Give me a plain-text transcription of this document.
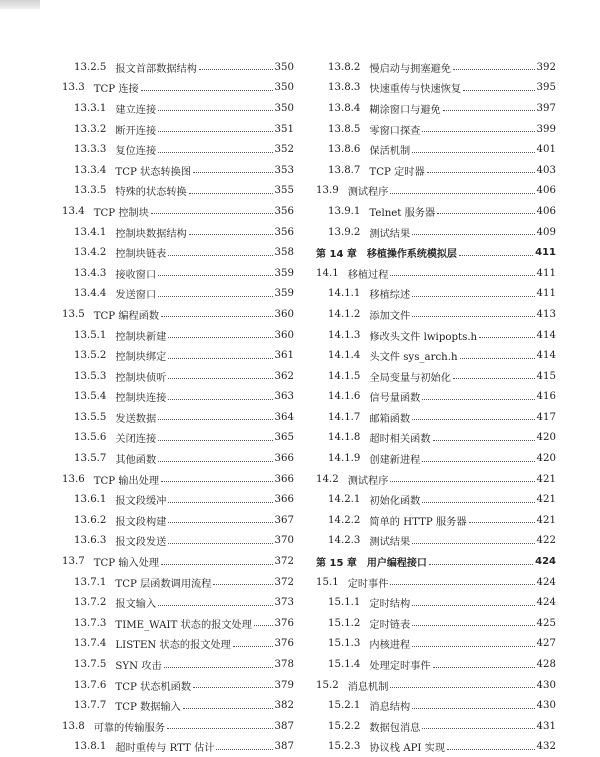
13.2.5 报文首部数据结构	350
13.3 TCP 连接	350
13.3.1 建立连接	350
13.3.2 断开连接	351
13.3.3 复位连接	352
13.3.4 TCP 状态转换图	353
13.3.5 特殊的状态转换	355
13.4 TCP 控制块	356
13.4.1 控制块数据结构	356
13.4.2 控制块链表	358
13.4.3 接收窗口	359
13.4.4 发送窗口	359
13.5 TCP 编程函数	360
13.5.1 控制块新建	360
13.5.2 控制块绑定	361
13.5.3 控制块侦听	362
13.5.4 控制块连接	363
13.5.5 发送数据	364
13.5.6 关闭连接	365
13.5.7 其他函数	366
13.6 TCP 输出处理	366
13.6.1 报文段缓冲	366
13.6.2 报文段构建	367
13.6.3 报文段发送	370
13.7 TCP 输入处理	372
13.7.1 TCP 层函数调用流程	372
13.7.2 报文输入	373
13.7.3 TIME_WAIT 状态的报文处理 376
13.7.4 LISTEN 状态的报文处理	376
13.7.5 SYN 攻击	378
13.7.6 TCP 状态机函数	379
13.7.7 TCP 数据输入	382
13.8 可靠的传输服务	387
13.8.1 超时重传与 RTT 估计	387
13.8.2 慢启动与拥塞避免	392
13.8.3 快速重传与快速恢复	395
13.8.4 糊涂窗口与避免	397
13.8.5 零窗口探查	399
13.8.6 保活机制	401
13.8.7 TCP 定时器	403
13.9 测试程序	406
13.9.1 Telnet 服务器	406
13.9.2 测试结果	409
第 14 章 移植操作系统模拟层	411
14.1 移植过程	411
14.1.1 移植综述	411
14.1.2 添加文件	413
14.1.3 修改头文件 lwipopts.h	414
14.1.4 头文件 sys_arch.h	414
14.1.5 全局变量与初始化	415
14.1.6 信号量函数	416
14.1.7 邮箱函数	417
14.1.8 超时相关函数	420
14.1.9 创建新进程	420
14.2 测试程序	421
14.2.1 初始化函数	421
14.2.2 简单的 HTTP 服务器	421
14.2.3 测试结果	422
第 15 章 用户编程接口	424
15.1 定时事件	424
15.1.1 定时结构	424
15.1.2 定时链表	425
15.1.3 内核进程	427
15.1.4 处理定时事件	428
15.2 消息机制	430
15.2.1 消息结构	430
15.2.2 数据包消息	431
15.2.3 协议栈 API 实现	432
